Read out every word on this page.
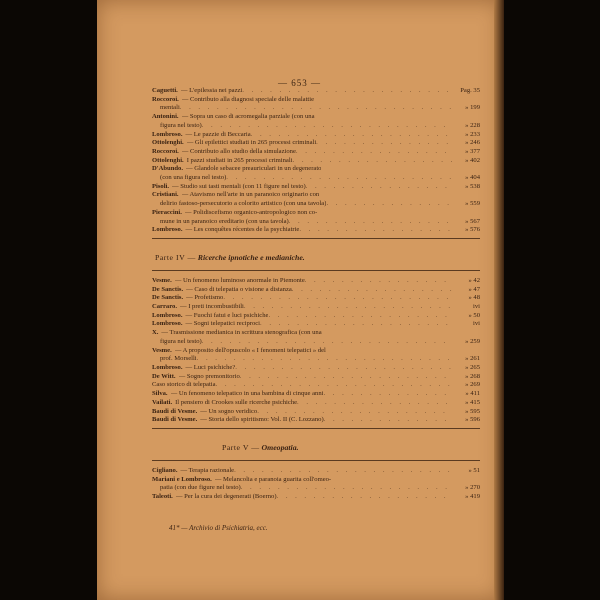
— 653 —
Caguetti. — L'epilessia nei pazzi . . .	Pag. 35
Roccoroi. — Contributo alla diagnosi speciale delle malattie
mentali . . .	» 199
Antonini. — Sopra un caso di acromegalia parziale (con una
figura nel testo) . . .	» 228
Lombroso. — Le pazzie di Beccaria . . .	» 233
Ottolenghi. — Gli epilettici studiati in 265 processi criminali . . .	» 246
Roccoroi. — Contributo allo studio della simulazione . . .	» 377
Ottolenghi. I pazzi studiati in 265 processi criminali . . .	» 402
D'Abundo. — Glandole sebacee preauriculari in un degenerato
(con una figura nel testo) . . .	» 404
Pisoli. — Studio sui tasti mentali (con 11 figure nel testo) . . .	» 538
Cristiani. — Atavismo nell'arte in un paranoico originario con
delirio fastoso-persecutorio a colorito artistico (con una tavola) . . .	» 559
Pieraccini. — Polidiscefismo organico-antropologico non co-
mune in un paranoico ereditario (con una tavola) . . .	» 567
Lombroso. — Les conquêtes récentes de la psychiatrie . . .	» 576
Parte IV — Ricerche ipnotiche e medianiche.
Vesme. — Un fenomeno luminoso anormale in Piemonte . . .	» 42
De Sanctis. — Caso di telepatia o visione a distanza . . .	» 47
De Sanctis. — Profetismo . . .	» 48
Carraro. — I preti incombustibili . . .	ivi
Lombroso. — Fuochi fatui e luci psichiche . . .	» 50
Lombroso. — Sogni telepatici reciproci . . .	ivi
X. — Trasmissione medianica in scrittura stenografica (con una
figura nel testo) . . .	» 259
Vesme. — A proposito dell'opuscolo « I fenomeni telepatici » del
prof. Morselli . . .	» 261
Lombroso. — Luci psichiche? . . .	» 265
De Witt. — Sogno premonitorio . . .	» 268
Caso storico di telepatia . . .	» 269
Silva. — Un fenomeno telepatico in una bambina di cinque anni . . .	» 411
Vailati. Il pensiero di Crookes sulle ricerche psichiche . . .	» 415
Baudi di Vesme. — Un sogno veridico . . .	» 595
Baudi di Vesme. — Storia dello spiritismo: Vol. II (C. Lozzano) . . .	» 596
Parte V — Omeopatia.
Cigliano. — Terapia razionale . . .	» 51
Mariani e Lombroso. — Melancolia e paranoia guarita coll'omeo-
patia (con due figure nel testo) . . .	» 270
Taleoti. — Per la cura dei degenerati (Boerno) . . .	» 419
41* — Archivio di Psichiatria, ecc.
